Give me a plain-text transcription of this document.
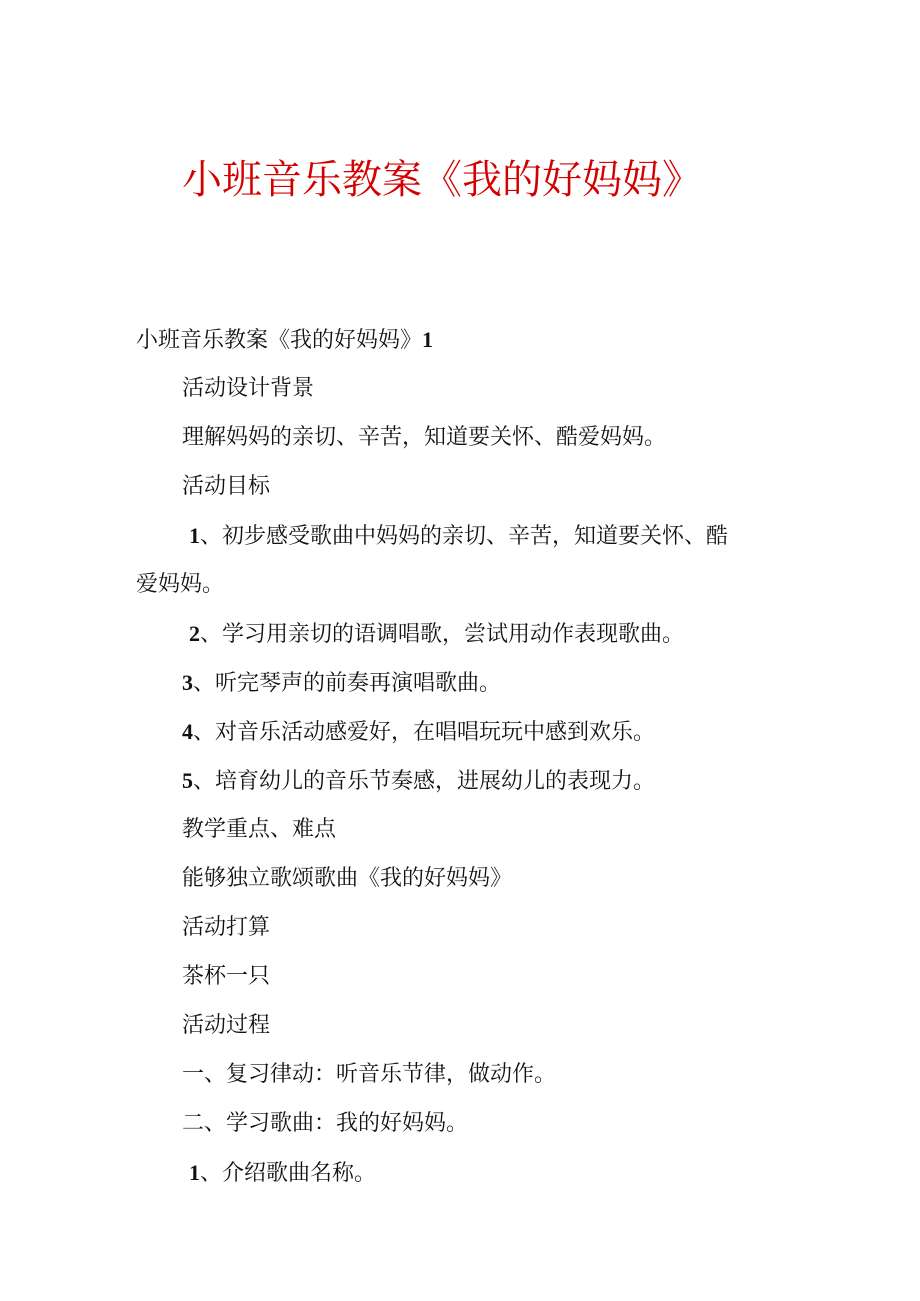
小班音乐教案《我的好妈妈》
小班音乐教案《我的好妈妈》1
活动设计背景
理解妈妈的亲切、辛苦，知道要关怀、酷爱妈妈。
活动目标
1、初步感受歌曲中妈妈的亲切、辛苦，知道要关怀、酷
爱妈妈。
2、学习用亲切的语调唱歌，尝试用动作表现歌曲。
3、听完琴声的前奏再演唱歌曲。
4、对音乐活动感爱好，在唱唱玩玩中感到欢乐。
5、培育幼儿的音乐节奏感，进展幼儿的表现力。
教学重点、难点
能够独立歌颂歌曲《我的好妈妈》
活动打算
茶杯一只
活动过程
一、复习律动：听音乐节律，做动作。
二、学习歌曲：我的好妈妈。
1、介绍歌曲名称。
